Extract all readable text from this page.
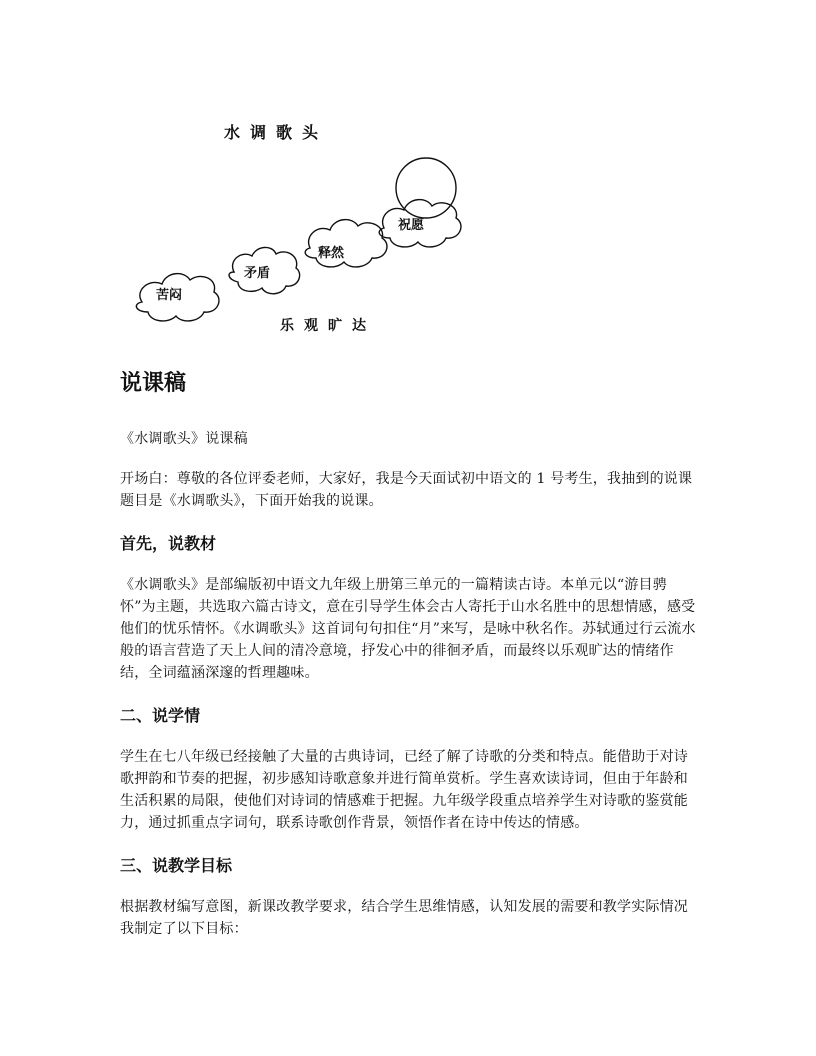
水调歌头
苦闷
矛盾
释然
祝愿
乐观旷达
说课稿

《水调歌头》说课稿

开场白：尊敬的各位评委老师，大家好，我是今天面试初中语文的 1 号考生，我抽到的说课题目是《水调歌头》，下面开始我的说课。

首先，说教材

《水调歌头》是部编版初中语文九年级上册第三单元的一篇精读古诗。本单元以“游目骋怀”为主题，共选取六篇古诗文，意在引导学生体会古人寄托于山水名胜中的思想情感，感受他们的忧乐情怀。《水调歌头》这首词句句扣住“月”来写，是咏中秋名作。苏轼通过行云流水般的语言营造了天上人间的清冷意境，抒发心中的徘徊矛盾，而最终以乐观旷达的情绪作结，全词蕴涵深邃的哲理趣味。

二、说学情

学生在七八年级已经接触了大量的古典诗词，已经了解了诗歌的分类和特点。能借助于对诗歌押韵和节奏的把握，初步感知诗歌意象并进行简单赏析。学生喜欢读诗词，但由于年龄和生活积累的局限，使他们对诗词的情感难于把握。九年级学段重点培养学生对诗歌的鉴赏能力，通过抓重点字词句，联系诗歌创作背景，领悟作者在诗中传达的情感。

三、说教学目标

根据教材编写意图，新课改教学要求，结合学生思维情感，认知发展的需要和教学实际情况我制定了以下目标：
